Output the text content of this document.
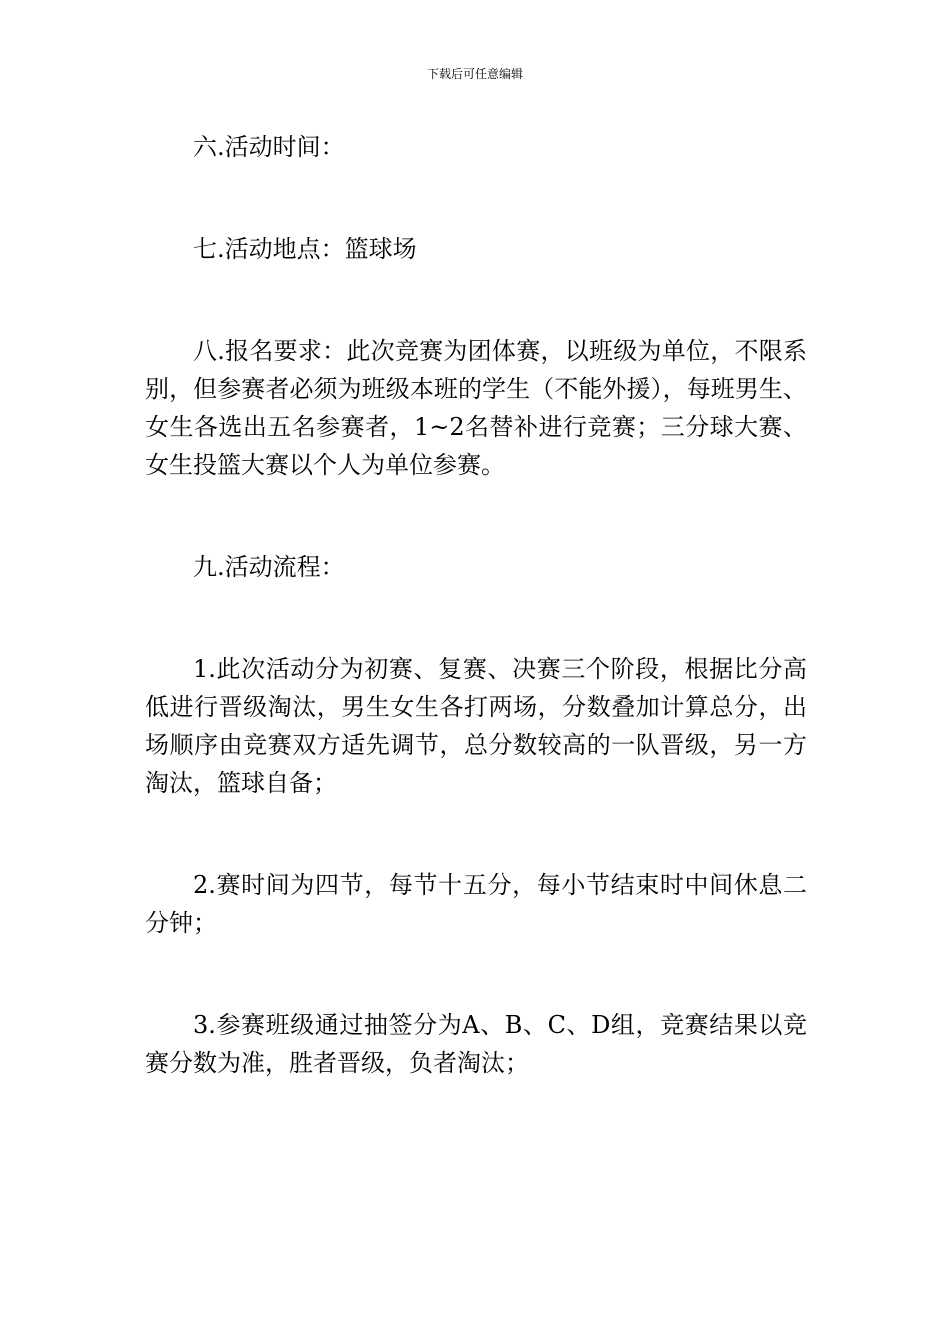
下载后可任意编辑

六.活动时间：

七.活动地点：篮球场

八.报名要求：此次竞赛为团体赛，以班级为单位，不限系别，但参赛者必须为班级本班的学生（不能外援），每班男生、女生各选出五名参赛者，1~2名替补进行竞赛；三分球大赛、女生投篮大赛以个人为单位参赛。

九.活动流程：

1.此次活动分为初赛、复赛、决赛三个阶段，根据比分高低进行晋级淘汰，男生女生各打两场，分数叠加计算总分，出场顺序由竞赛双方适先调节，总分数较高的一队晋级，另一方淘汰，篮球自备；

2.赛时间为四节，每节十五分，每小节结束时中间休息二分钟；

3.参赛班级通过抽签分为A、B、C、D组，竞赛结果以竞赛分数为准，胜者晋级，负者淘汰；
